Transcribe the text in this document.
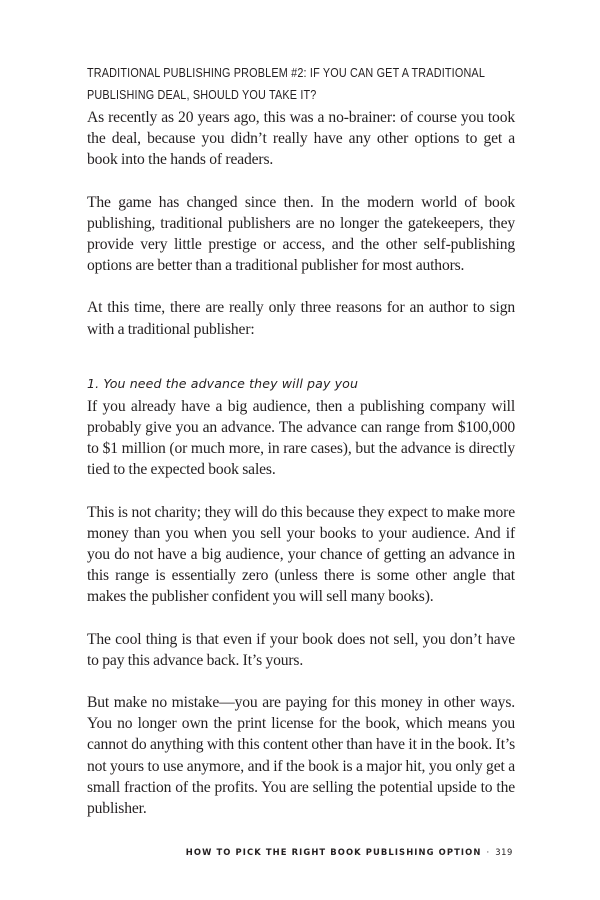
TRADITIONAL PUBLISHING PROBLEM #2: IF YOU CAN GET A TRADITIONAL PUBLISHING DEAL, SHOULD YOU TAKE IT?

As recently as 20 years ago, this was a no-brainer: of course you took the deal, because you didn’t really have any other options to get a book into the hands of readers.

The game has changed since then. In the modern world of book publishing, traditional publishers are no longer the gatekeepers, they provide very little prestige or access, and the other self-publishing options are better than a traditional publisher for most authors.

At this time, there are really only three reasons for an author to sign with a traditional publisher:

1. You need the advance they will pay you

If you already have a big audience, then a publishing company will probably give you an advance. The advance can range from $100,000 to $1 million (or much more, in rare cases), but the advance is directly tied to the expected book sales.

This is not charity; they will do this because they expect to make more money than you when you sell your books to your audience. And if you do not have a big audience, your chance of getting an advance in this range is essentially zero (unless there is some other angle that makes the publisher confident you will sell many books).

The cool thing is that even if your book does not sell, you don’t have to pay this advance back. It’s yours.

But make no mistake—you are paying for this money in other ways. You no longer own the print license for the book, which means you cannot do anything with this content other than have it in the book. It’s not yours to use anymore, and if the book is a major hit, you only get a small fraction of the profits. You are selling the potential upside to the publisher.

HOW TO PICK THE RIGHT BOOK PUBLISHING OPTION · 319
